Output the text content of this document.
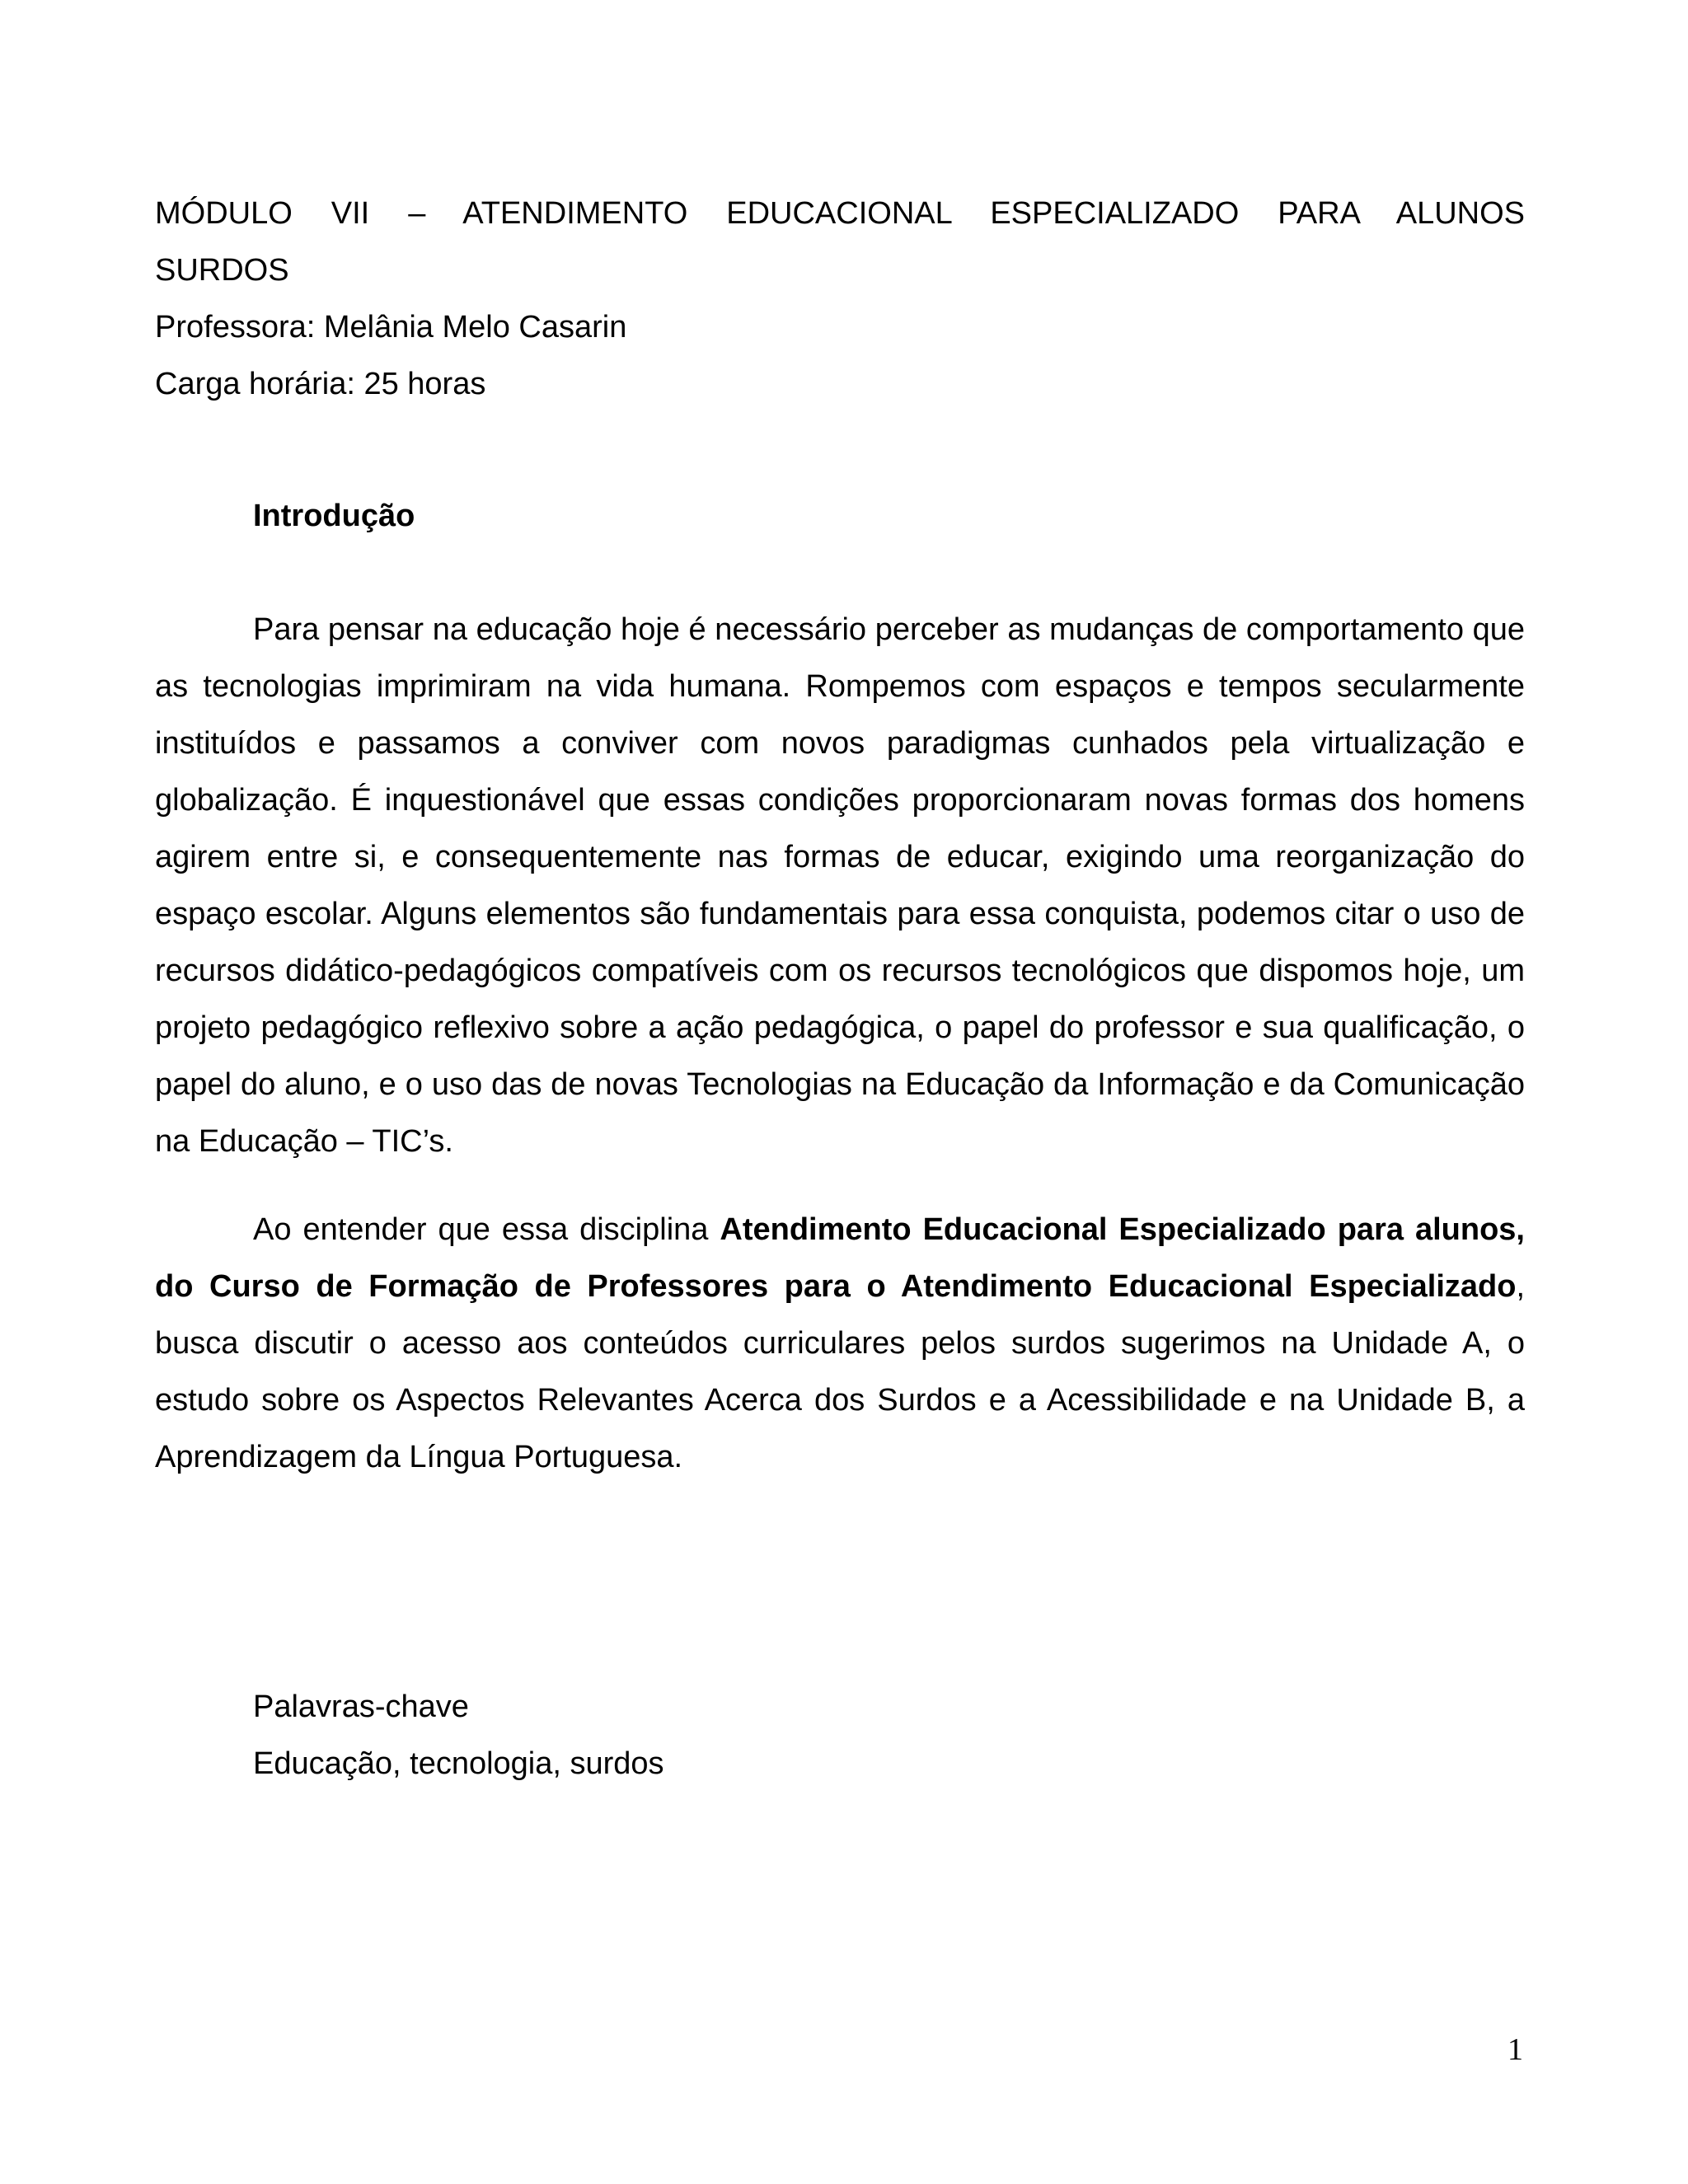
MÓDULO VII – ATENDIMENTO EDUCACIONAL ESPECIALIZADO PARA ALUNOS
SURDOS
Professora: Melânia Melo Casarin
Carga horária: 25 horas

Introdução

Para pensar na educação hoje é necessário perceber as mudanças de comportamento que as tecnologias imprimiram na vida humana. Rompemos com espaços e tempos secularmente instituídos e passamos a conviver com novos paradigmas cunhados pela virtualização e globalização. É inquestionável que essas condições proporcionaram novas formas dos homens agirem entre si, e consequentemente nas formas de educar, exigindo uma reorganização do espaço escolar. Alguns elementos são fundamentais para essa conquista, podemos citar o uso de recursos didático-pedagógicos compatíveis com os recursos tecnológicos que dispomos hoje, um projeto pedagógico reflexivo sobre a ação pedagógica, o papel do professor e sua qualificação, o papel do aluno, e o uso das de novas Tecnologias na Educação da Informação e da Comunicação na Educação – TIC’s.

Ao entender que essa disciplina Atendimento Educacional Especializado para alunos, do Curso de Formação de Professores para o Atendimento Educacional Especializado, busca discutir o acesso aos conteúdos curriculares pelos surdos sugerimos na Unidade A, o estudo sobre os Aspectos Relevantes Acerca dos Surdos e a Acessibilidade e na Unidade B, a Aprendizagem da Língua Portuguesa.

Palavras-chave
Educação, tecnologia, surdos
1
